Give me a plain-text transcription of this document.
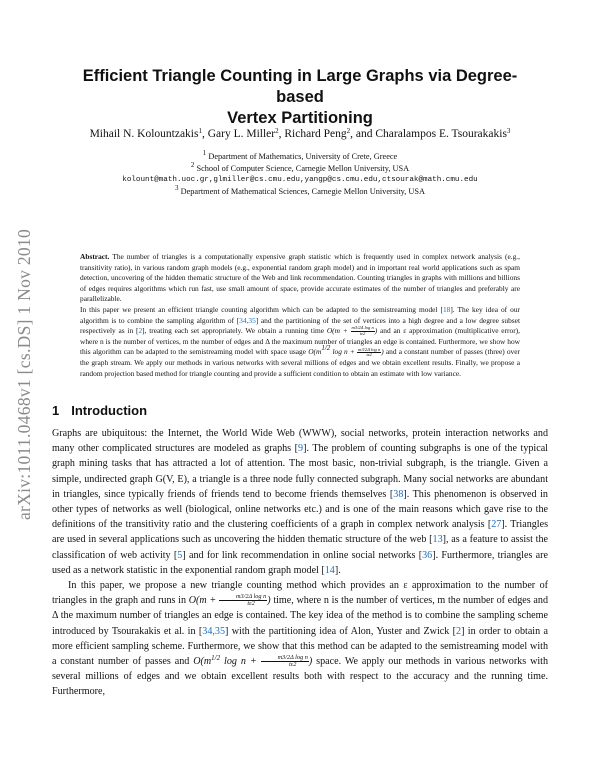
arXiv:1011.0468v1 [cs.DS] 1 Nov 2010
Efficient Triangle Counting in Large Graphs via Degree-based
Vertex Partitioning
Mihail N. Kolountzakis$^1$, Gary L. Miller$^2$, Richard Peng$^2$, and Charalampos E. Tsourakakis$^3$
$^1$ Department of Mathematics, University of Crete, Greece
$^2$ School of Computer Science, Carnegie Mellon University, USA
kolount@math.uoc.gr,glmiller@cs.cmu.edu,yangp@cs.cmu.edu,ctsourak@math.cmu.edu
$^3$ Department of Mathematical Sciences, Carnegie Mellon University, USA

Abstract. The number of triangles is a computationally expensive graph statistic which is frequently used in complex network analysis (e.g., transitivity ratio), in various random graph models (e.g., exponential random graph model) and in important real world applications such as spam detection, uncovering of the hidden thematic structure of the Web and link recommendation. Counting triangles in graphs with millions and billions of edges requires algorithms which run fast, use small amount of space, provide accurate estimates of the number of triangles and preferably are parallelizable.

In this paper we present an efficient triangle counting algorithm which can be adapted to the semistreaming model [18]. The key idea of our algorithm is to combine the sampling algorithm of [34,35] and the partitioning of the set of vertices into a high degree and a low degree subset respectively as in [2], treating each set appropriately. We obtain a running time $O(m + \frac{\text{m3/2Δ log n}}{t\varepsilon 2}$ ) and an ε approximation (multiplicative error), where n is the number of vertices, m the number of edges and Δ the maximum number of triangles an edge is contained. Furthermore, we show how this algorithm can be adapted to the semistreaming model with space usage $O(m^{1/2}$ $\log n + \frac{\text{m3/2Δ log n}}{t\varepsilon 2}$ ) and a constant number of passes (three) over the graph stream. We apply our methods in various networks with several millions of edges and we obtain excellent results. Finally, we propose a random projection based method for triangle counting and provide a sufficient condition to obtain an estimate with low variance.

1 Introduction

Graphs are ubiquitous: the Internet, the World Wide Web (WWW), social networks, protein interaction networks and many other complicated structures are modeled as graphs [9]. The problem of counting subgraphs is one of the typical graph mining tasks that has attracted a lot of attention. The most basic, non-trivial subgraph, is the triangle. Given a simple, undirected graph G(V, E), a triangle is a three node fully connected subgraph. Many social networks are abundant in triangles, since typically friends of friends tend to become friends themselves [38]. This phenomenon is observed in other types of networks as well (biological, online networks etc.) and is one of the main reasons which gave rise to the definitions of the transitivity ratio and the clustering coefficients of a graph in complex network analysis [27]. Triangles are used in several applications such as uncovering the hidden thematic structure of the web [13], as a feature to assist the classification of web activity [5] and for link recommendation in online social networks [36]. Furthermore, triangles are used as a network statistic in the exponential random graph model [14].

In this paper, we propose a new triangle counting method which provides an ε approximation to the number of triangles in the graph and runs in $O(m + \frac{\text{m3/2Δ log n}}{t\varepsilon 2}$ ) time, where n is the number of vertices, m the number of edges and Δ the maximum number of triangles an edge is contained. The key idea of the method is to combine the sampling scheme introduced by Tsourakakis et al. in [34,35] with the partitioning idea of Alon, Yuster and Zwick [2] in order to obtain a more efficient sampling scheme. Furthermore, we show that this method can be adapted to the semistreaming model with a constant number of passes and $O(m^{1/2}$ $\log n + \frac{\text{m3/2Δ log n}}{t\varepsilon 2}$ ) space. We apply our methods in various networks with several millions of edges and we obtain excellent results both with respect to the accuracy and the running time. Furthermore,
